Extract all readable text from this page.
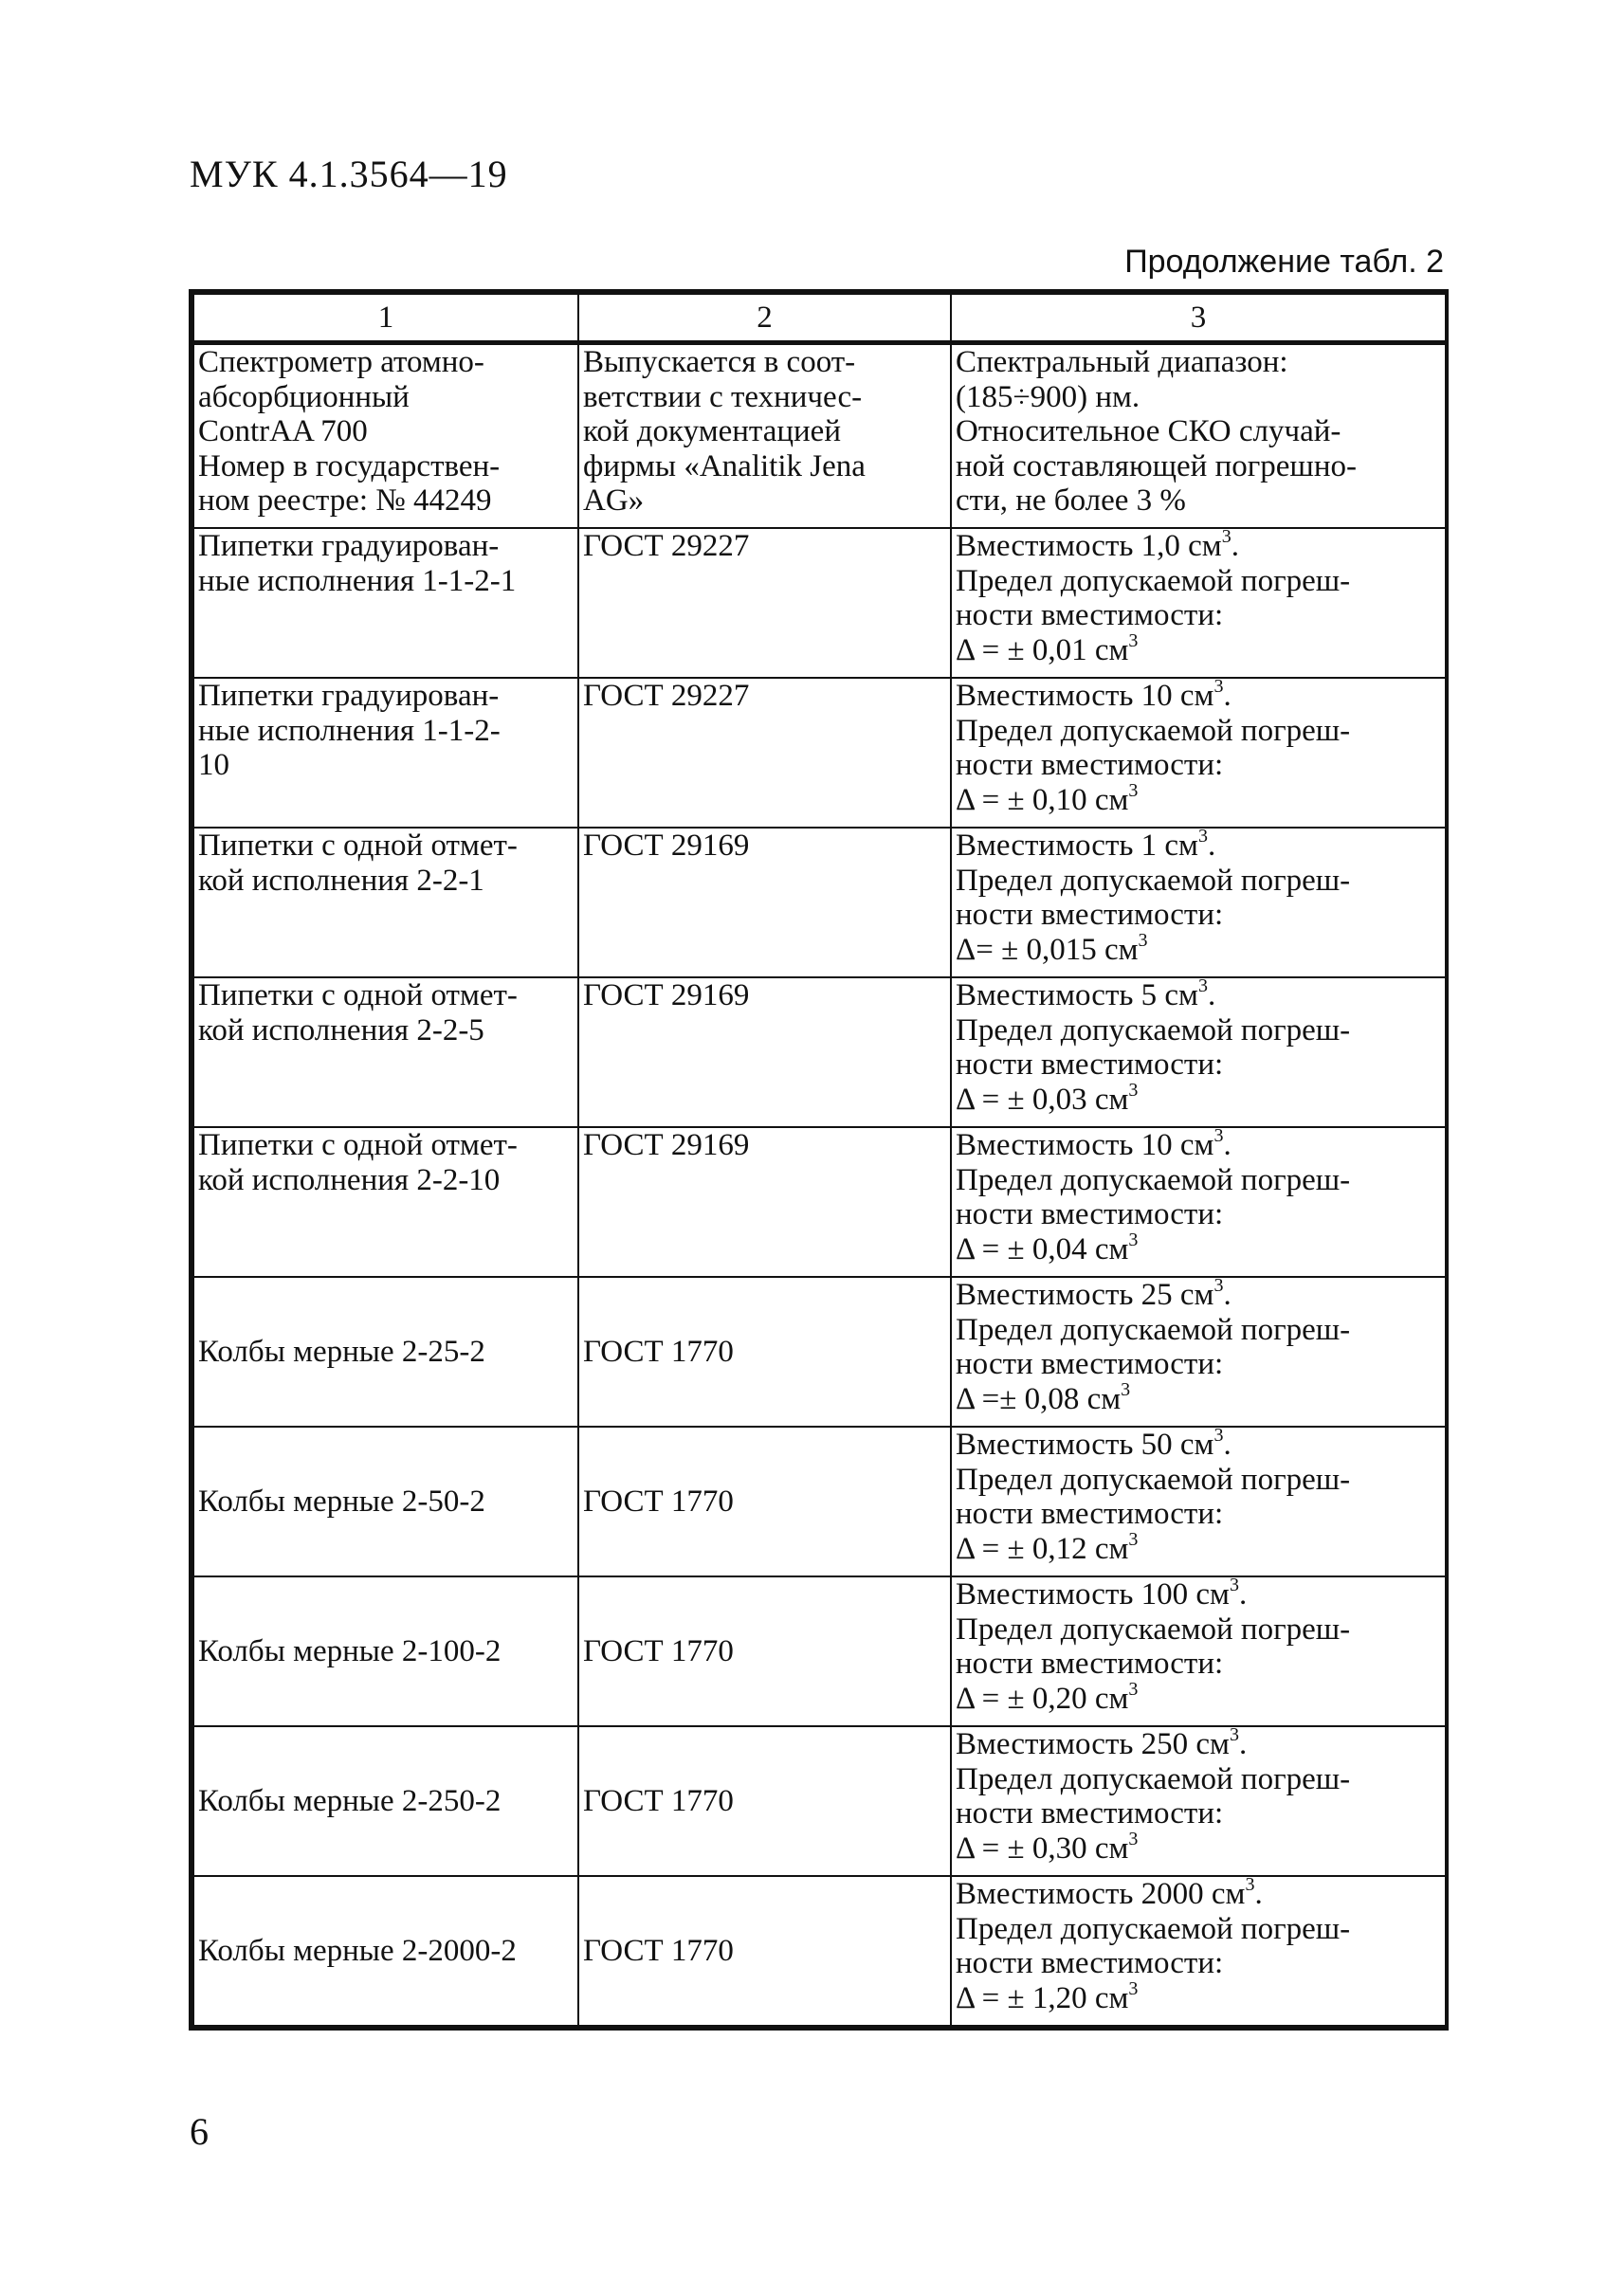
МУК 4.1.3564—19
Продолжение табл. 2
1	2	3

Спектрометр атомно-
абсорбционный
ContrAA 700
Номер в государствен-
ном реестре: № 44249	Выпускается в соот-
ветствии с техничес-
кой документацией
фирмы «Analitik Jena
AG»	Спектральный диапазон:
(185÷900) нм.
Относительное СКО случай-
ной составляющей погрешно-
сти, не более 3 %

Пипетки градуирован-
ные исполнения 1-1-2-1	ГОСТ 29227	Вместимость 1,0 $см^3$.
Предел допускаемой погреш-
ности вместимости:
Δ = ± 0,01 $см^3$

Пипетки градуирован-
ные исполнения 1-1-2-
10	ГОСТ 29227	Вместимость 10 $см^3$.
Предел допускаемой погреш-
ности вместимости:
Δ = ± 0,10 $см^3$

Пипетки с одной отмет-
кой исполнения 2-2-1	ГОСТ 29169	Вместимость 1 $см^3$.
Предел допускаемой погреш-
ности вместимости:
Δ= ± 0,015 $см^3$

Пипетки с одной отмет-
кой исполнения 2-2-5	ГОСТ 29169	Вместимость 5 $см^3$.
Предел допускаемой погреш-
ности вместимости:
Δ = ± 0,03 $см^3$

Пипетки с одной отмет-
кой исполнения 2-2-10	ГОСТ 29169	Вместимость 10 $см^3$.
Предел допускаемой погреш-
ности вместимости:
Δ = ± 0,04 $см^3$

Колбы мерные 2-25-2	ГОСТ 1770	Вместимость 25 $см^3$.
Предел допускаемой погреш-
ности вместимости:
Δ =± 0,08 $см^3$

Колбы мерные 2-50-2	ГОСТ 1770	Вместимость 50 $см^3$.
Предел допускаемой погреш-
ности вместимости:
Δ = ± 0,12 $см^3$

Колбы мерные 2-100-2	ГОСТ 1770	Вместимость 100 $см^3$.
Предел допускаемой погреш-
ности вместимости:
Δ = ± 0,20 $см^3$

Колбы мерные 2-250-2	ГОСТ 1770	Вместимость 250 $см^3$.
Предел допускаемой погреш-
ности вместимости:
Δ = ± 0,30 $см^3$

Колбы мерные 2-2000-2	ГОСТ 1770	Вместимость 2000 $см^3$.
Предел допускаемой погреш-
ности вместимости:
Δ = ± 1,20 $см^3$
6
